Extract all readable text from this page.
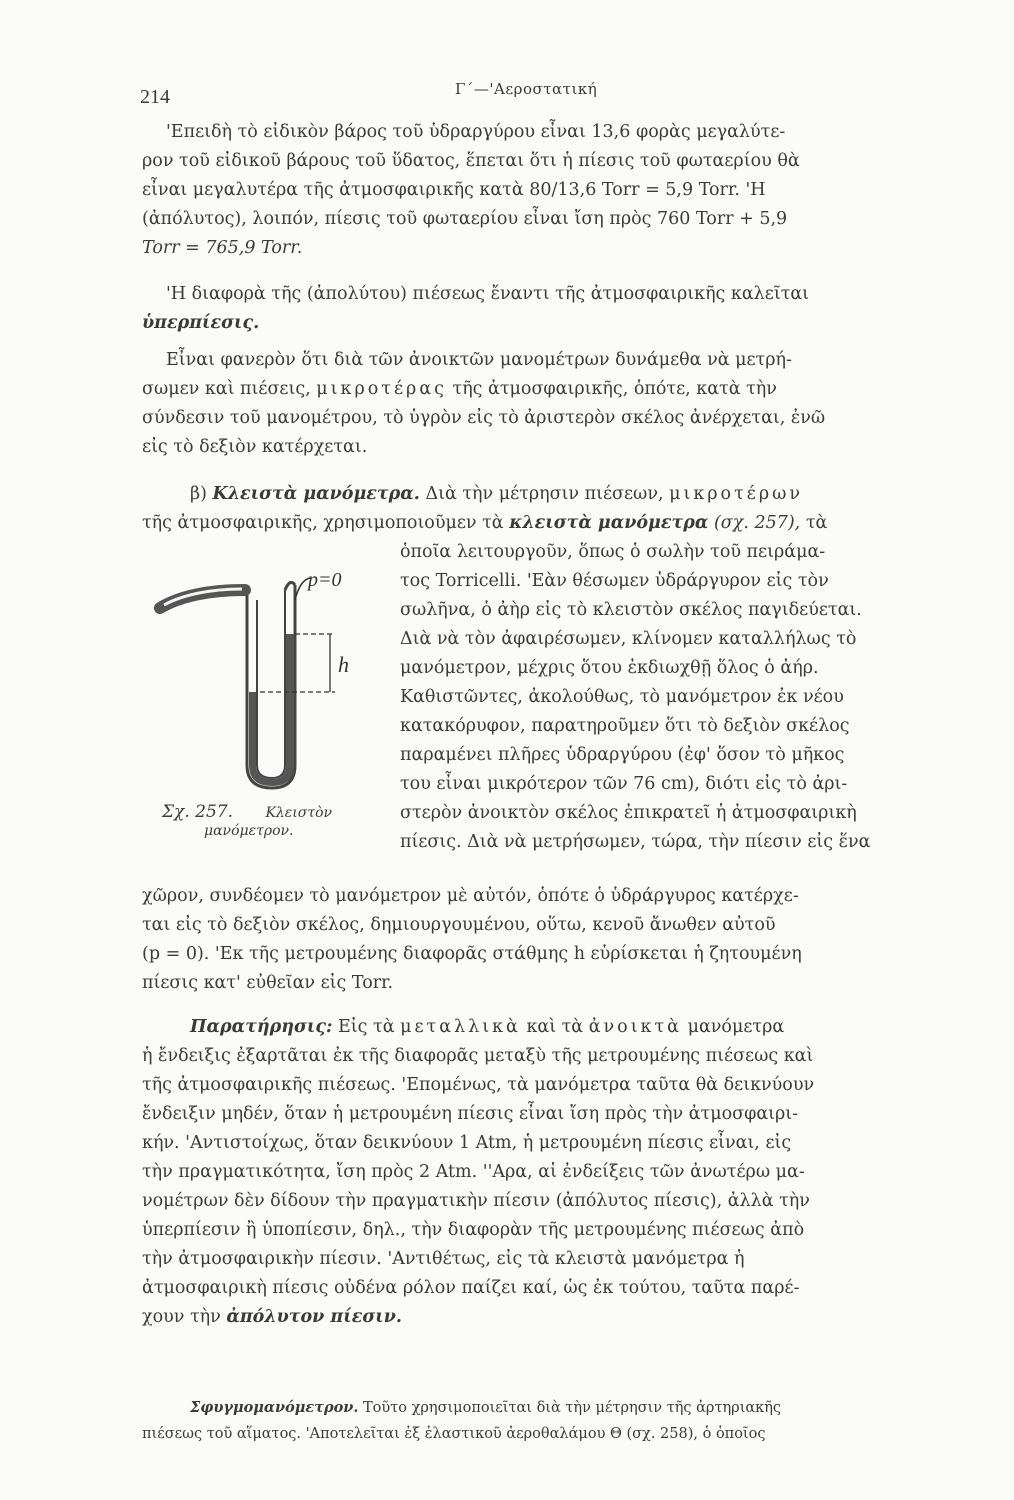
214	Γ΄—'Αεροστατική
'Επειδὴ τὸ εἰδικὸν βάρος τοῦ ὑδραργύρου εἶναι 13,6 φορὰς μεγαλύτε-
ρον τοῦ εἰδικοῦ βάρους τοῦ ὕδατος, ἕπεται ὅτι ἡ πίεσις τοῦ φωταερίου θὰ
εἶναι μεγαλυτέρα τῆς ἀτμοσφαιρικῆς κατὰ 80/13,6 Torr = 5,9 Torr. 'Η
(ἀπόλυτος), λοιπόν, πίεσις τοῦ φωταερίου εἶναι ἴση πρὸς 760 Torr + 5,9
Torr = 765,9 Torr.
'Η διαφορὰ τῆς (ἀπολύτου) πιέσεως ἔναντι τῆς ἀτμοσφαιρικῆς καλεῖται
ὑπερπίεσις.
Εἶναι φανερὸν ὅτι διὰ τῶν ἀνοικτῶν μανομέτρων δυνάμεθα νὰ μετρή-
σωμεν καὶ πιέσεις, μικροτέρας τῆς ἀτμοσφαιρικῆς, ὁπότε, κατὰ τὴν
σύνδεσιν τοῦ μανομέτρου, τὸ ὑγρὸν εἰς τὸ ἀριστερὸν σκέλος ἀνέρχεται, ἐνῶ
εἰς τὸ δεξιὸν κατέρχεται.
β) Κλειστὰ μανόμετρα. Διὰ τὴν μέτρησιν πιέσεων, μικροτέρων
τῆς ἀτμοσφαιρικῆς, χρησιμοποιοῦμεν τὰ κλειστὰ μανόμετρα (σχ. 257), τὰ
ὁποῖα λειτουργοῦν, ὅπως ὁ σωλὴν τοῦ πειράμα-
τος Torricelli. 'Εὰν θέσωμεν ὑδράργυρον εἰς τὸν
σωλῆνα, ὁ ἀὴρ εἰς τὸ κλειστὸν σκέλος παγιδεύεται.
Διὰ νὰ τὸν ἀφαιρέσωμεν, κλίνομεν καταλλήλως τὸ
μανόμετρον, μέχρις ὅτου ἐκδιωχθῇ ὅλος ὁ ἀήρ.
Καθιστῶντες, ἀκολούθως, τὸ μανόμετρον ἐκ νέου
κατακόρυφον, παρατηροῦμεν ὅτι τὸ δεξιὸν σκέλος
παραμένει πλῆρες ὑδραργύρου (ἐφ' ὅσον τὸ μῆκος
του εἶναι μικρότερον τῶν 76 cm), διότι εἰς τὸ ἀρι-
στερὸν ἀνοικτὸν σκέλος ἐπικρατεῖ ἡ ἀτμοσφαιρικὴ
πίεσις. Διὰ νὰ μετρήσωμεν, τώρα, τὴν πίεσιν εἰς ἕνα
p=0
h
Σχ. 257. Κλειστὸν
μανόμετρον.
χῶρον, συνδέομεν τὸ μανόμετρον μὲ αὐτόν, ὁπότε ὁ ὑδράργυρος κατέρχε-
ται εἰς τὸ δεξιὸν σκέλος, δημιουργουμένου, οὕτω, κενοῦ ἄνωθεν αὐτοῦ
(p = 0). 'Εκ τῆς μετρουμένης διαφορᾶς στάθμης h εὑρίσκεται ἡ ζητουμένη
πίεσις κατ' εὐθεῖαν εἰς Torr.
Παρατήρησις: Εἰς τὰ μεταλλικὰ καὶ τὰ ἀνοικτὰ μανόμετρα
ἡ ἔνδειξις ἐξαρτᾶται ἐκ τῆς διαφορᾶς μεταξὺ τῆς μετρουμένης πιέσεως καὶ
τῆς ἀτμοσφαιρικῆς πιέσεως. 'Επομένως, τὰ μανόμετρα ταῦτα θὰ δεικνύουν
ἔνδειξιν μηδέν, ὅταν ἡ μετρουμένη πίεσις εἶναι ἴση πρὸς τὴν ἀτμοσφαιρι-
κήν. 'Αντιστοίχως, ὅταν δεικνύουν 1 Atm, ἡ μετρουμένη πίεσις εἶναι, εἰς
τὴν πραγματικότητα, ἴση πρὸς 2 Atm. ''Αρα, αἱ ἐνδείξεις τῶν ἀνωτέρω μα-
νομέτρων δὲν δίδουν τὴν πραγματικὴν πίεσιν (ἀπόλυτος πίεσις), ἀλλὰ τὴν
ὑπερπίεσιν ἢ ὑποπίεσιν, δηλ., τὴν διαφορὰν τῆς μετρουμένης πιέσεως ἀπὸ
τὴν ἀτμοσφαιρικὴν πίεσιν. 'Αντιθέτως, εἰς τὰ κλειστὰ μανόμετρα ἡ
ἀτμοσφαιρικὴ πίεσις οὐδένα ρόλον παίζει καί, ὡς ἐκ τούτου, ταῦτα παρέ-
χουν τὴν ἀπόλυτον πίεσιν.
Σφυγμομανόμετρον. Τοῦτο χρησιμοποιεῖται διὰ τὴν μέτρησιν τῆς ἀρτηριακῆς
πιέσεως τοῦ αἵματος. 'Αποτελεῖται ἐξ ἐλαστικοῦ ἀεροθαλάμου Θ (σχ. 258), ὁ ὁποῖος
